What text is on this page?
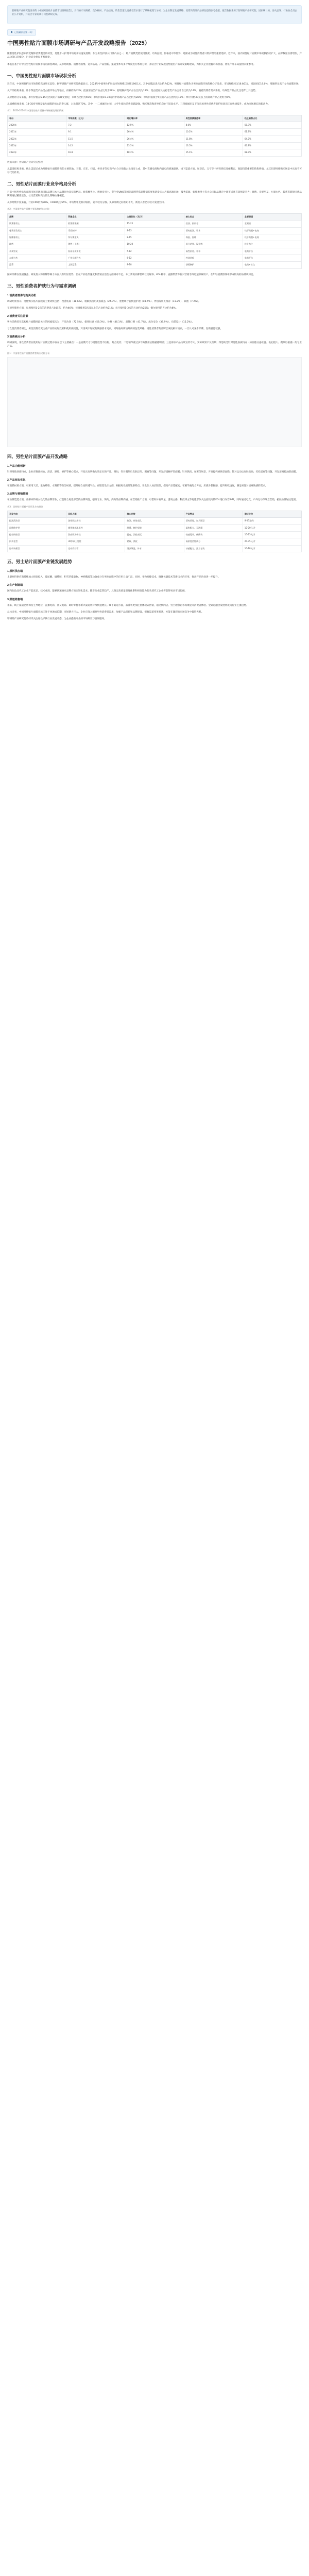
智研瞻产业研究院发布的《中国男性贴片面膜市场调研报告》，对行业市场规模、竞争格局、产品结构、销售渠道及消费者需求进行了系统梳理与分析，为企业制定发展战略、投资决策及产品研发提供参考依据。报告数据来源于智研瞻产业研究院、国家统计局、海关总署、行业协会及企业公开资料，并结合专家访谈与问卷调研完成。

已收藏到合集 · 3个
中国男性贴片面膜市场调研与产品开发战略报告（2025）

随着男性护肤意识的觉醒和消费观念的转变，男性个人护理市场迎来快速发展期。作为男性护肤入门级产品之一，贴片面膜凭借使用便捷、功效直观、价格适中等优势，逐渐成为男性消费者日常护理的重要选择。近年来，国内男性贴片面膜市场规模持续扩大，品牌数量显著增加，产品功能日趋细分，行业竞争格局不断演变。

本报告基于对中国男性贴片面膜市场的深度调研，从市场规模、消费者画像、竞争格局、产品创新、渠道变革等多个维度进行系统分析，并结合行业发展趋势提出产品开发策略建议，为相关企业把握市场机遇、优化产品布局提供决策参考。

一、中国男性贴片面膜市场现状分析

近年来，中国男性护肤市场保持高速增长态势。据智研瞻产业研究院数据显示，2024年中国男性护肤品市场规模已突破180亿元，其中面膜品类占比约为12%。男性贴片面膜作为男性面膜市场的核心子品类，市场规模约为16.8亿元，同比增长18.6%，增速明显高于女性面膜市场。

从产品结构来看，补水保湿类产品仍占据市场主导地位，份额约为42%；控油清洁类产品占比约为26%；舒缓修护类产品占比约为18%；美白提亮及抗初老类产品合计占比约为14%。随着消费者需求升级，功效型产品占比呈逐年上升趋势。

从价格带分布来看，单片价格在5-15元区间的产品最受欢迎，市场占比约为55%；单片价格15-30元的中高端产品占比约为28%；单片价格低于5元的产品占比约为12%；单片价格30元以上的高端产品占比约为5%。

从消费群体来看，18-35岁男性是贴片面膜的核心消费人群，占比超过70%。其中，一二线城市白领、大学生群体消费意愿最强，购买频次和客单价均处于较高水平。三四线城市及下沉市场男性消费者的护肤意识正在快速提升，成为市场增长的新动力。

表1：2020-2024年中国男性贴片面膜市场规模及增长情况
年份	市场规模（亿元）	同比增长率	男性面膜渗透率	线上销售占比
2020年	7.2	12.5%	8.6%	58.3%
2021年	9.1	26.4%	10.2%	61.7%
2022年	11.5	26.4%	11.8%	64.2%
2023年	14.2	23.5%	13.5%	66.8%
2024年	16.8	18.3%	15.1%	68.9%

数据来源：智研瞻产业研究院整理

从渠道结构来看，线上渠道已成为男性贴片面膜销售的主要阵地。天猫、京东、抖音、拼多多等电商平台合计销售占比接近七成，其中直播电商和内容电商增速最快。线下渠道方面，屈臣氏、万宁等个护连锁店及便利店、商超仍是重要的销售终端，尤其在即时性购买场景中具有不可替代的作用。

二、男性贴片面膜行业竞争格局分析

目前中国男性贴片面膜市场呈现出国际品牌与本土品牌同台竞技的格局。欧莱雅男士、碧欧泉男士、资生堂UNO等国际品牌凭借品牌知名度和研发实力占据高端市场；曼秀雷敦、妮维雅男士等大众国际品牌在中端市场具有较强竞争力；理然、亲爱男友、左颜右色、蓝系等新锐国货品牌则通过精准定位、社交营销和高性价比策略快速崛起。

从市场集中度来看，行业CR5约为38%，CR10约为55%，市场集中度相对较低，竞争较为分散。头部品牌之间差距不大，新进入者仍有较大发展空间。

表2：中国男性贴片面膜主要品牌竞争力对比
品牌	所属企业	主要价位（元/片）	核心卖点	主要渠道
欧莱雅男士	欧莱雅集团	15-25	控油、抗初老	全渠道
曼秀雷敦男士	乐敦制药	8-15	清爽控油、补水	线下商超+电商
妮维雅男士	拜尔斯道夫	8-15	保湿、舒缓	线下商超+电商
理然	理然（上海）	10-20	成分功效、设计感	线上为主
亲爱男友	杭州亲爱男友	5-12	高性价比、补水	电商平台
左颜右色	广州左颜右色	6-12	控油祛痘	电商平台
蓝系	上海蓝系	8-18	舒缓修护	电商+社交

国际品牌在渠道覆盖、研发投入和品牌影响力方面具有明显优势，但在产品迭代速度和营销灵活性方面相对不足。本土新锐品牌借助社交媒体、KOL种草、直播带货等新兴营销手段迅速积累用户，在年轻消费群体中形成较高的品牌认知度。

三、男性消费者护肤行为与需求调研
1.消费者画像与购买动机

调研结果显示，男性购买贴片面膜的主要动机包括：改善肤质（38.6%）、缓解熬夜后皮肤疲态（24.3%）、重要场合前快速护理（18.7%）、伴侣或朋友推荐（11.2%）、其他（7.2%）。

在使用频率方面，每周使用1-2次的消费者占比最高，约为46%；每周使用3次及以上的占比约为21%；每月使用1-3次的占比约为25%；偶尔使用的占比约为8%。

2.消费者关注因素

男性消费者在选购贴片面膜时最关注的因素依次为：产品功效（72.5%）、使用肤感（58.3%）、价格（46.1%）、品牌口碑（41.7%）、成分安全（38.9%）、包装设计（15.2%）。

与女性消费者相比，男性消费者更注重产品的实际效果和使用便捷性，对清爽不黏腻的肤感要求更高，同时偏好简洁硬朗的包装风格。男性消费者的品牌忠诚度相对较高，一旦认可某个品牌，复购意愿较强。

3.消费痛点分析

调研发现，男性消费者在使用贴片面膜过程中存在以下主要痛点：一是面膜尺寸与男性脸型不匹配，贴合度差；二是精华液过多导致使用后黏腻感明显；三是部分产品功效宣传夸大，实际效果不及预期；四是缺乏针对男性肤质特点（如油脂分泌旺盛、毛孔粗大、剃须后敏感）的专业产品。

图1：中国男性贴片面膜消费者购买动机分布
四、男性贴片面膜产品开发战略
1.产品功能创新

针对男性肤质特点，企业应聚焦控油、清洁、舒缓、修护等核心需求，开发具有明确功效定位的产品。例如，针对剃须后皮肤泛红、刺痛等问题，开发舒缓修护型面膜；针对熬夜、加班等场景，开发提亮焕肤型面膜；针对运动后皮肤出油、毛孔堵塞等问题，开发清爽控油型面膜。

2.产品形态优化

在面膜材质方面，可采用天丝、生物纤维、水凝胶等新型材质，提升贴合度和透气性；在版型设计方面，根据男性面部轮廓特点，开发加大加长版型，提高产品适配度；在精华液配方方面，应减少黏腻感，提升吸收速度，满足男性对清爽肤感的需求。

3.品牌与营销策略

在品牌塑造方面，应摒弃传统女性化的品牌形象，打造符合男性审美的品牌调性，强调专业、简约、高效的品牌内涵。在营销推广方面，可借助体育明星、游戏主播、科技博主等男性群体关注度较高的KOL进行内容种草，同时通过电竞、户外运动等场景营销，拓展品牌触达范围。

表3：男性贴片面膜产品开发方向建议
开发方向	目标人群	核心功效	产品特点	建议价位
控油清洁型	油性肌肤男性	控油、收缩毛孔	清爽质地、加大版型	8-15元/片
舒缓修护型	剃须敏感肌男性	舒缓、修护屏障	温和配方、无酒精	12-20元/片
提亮焕肤型	熬夜职场男性	提亮、淡化暗沉	快速见效、便携装	15-25元/片
抗初老型	30岁以上男性	紧致、淡纹	高浓度活性成分	20-35元/片
运动场景型	运动爱好者	清凉降温、补水	冰感配方、独立包装	10-18元/片
五、男士贴片面膜产业链发展趋势
1.原料供应端

上游原料供应商持续加大研发投入，玻尿酸、烟酰胺、积雪草提取物、神经酰胺等功效成分在男性面膜中的应用日益广泛。同时，生物发酵技术、微囊包裹技术等新技术的应用，推动产品功效进一步提升。

2.生产制造端

国内化妆品代工企业产能充足、技术成熟，能够快速响应品牌方的定制化需求。随着行业监管趋严，具备完善质量管理体系和研发能力的头部代工企业将获得更多市场份额。

3.渠道销售端

未来，线上渠道仍将保持主导地位，直播电商、社交电商、即时零售等新兴渠道将持续快速增长。线下渠道方面，品牌将更加注重体验式营销，通过快闪店、男士理容店等场景提升消费者体验。全渠道融合发展将成为行业主流趋势。

总体来看，中国男性贴片面膜市场正处于快速成长期，市场潜力巨大。企业应深入洞察男性消费者需求，加强产品创新和品牌建设，把握渠道变革机遇，方能在激烈的市场竞争中赢得先机。

智研瞻产业研究院将持续关注男性护肤行业发展动态，为企业提供专业的市场研究与咨询服务。
